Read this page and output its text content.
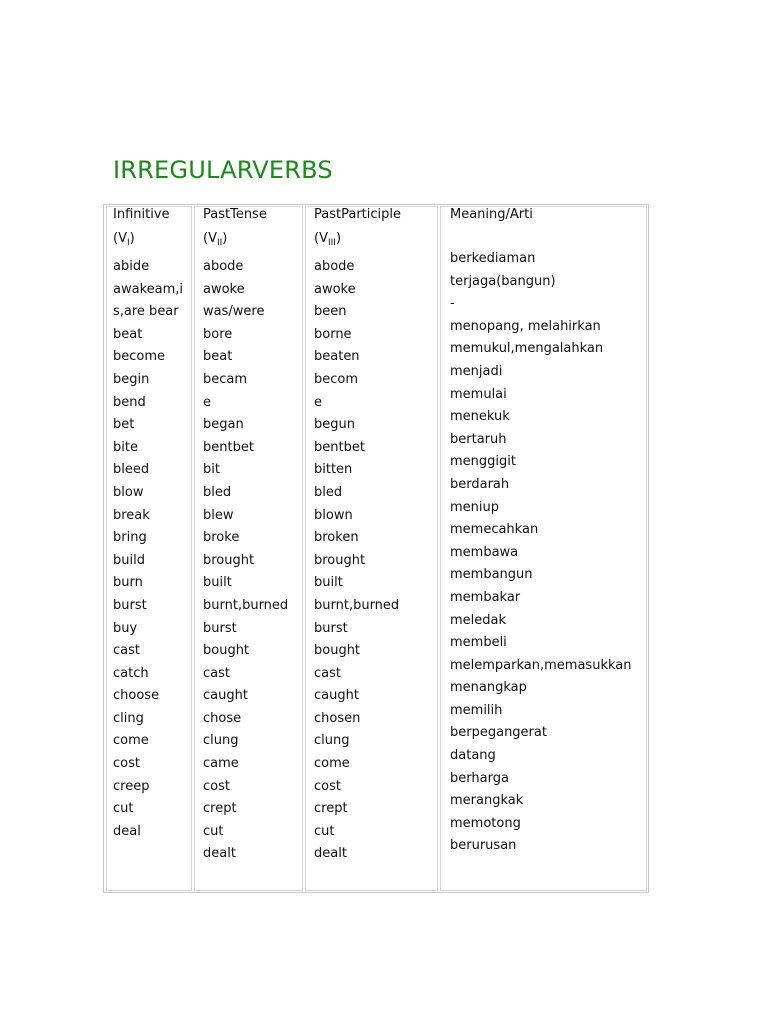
IRREGULARVERBS
Infinitive
$(V_I)$
PastTense
$(V_{II})$
PastParticiple
$(V_{III})$
Meaning/Arti
abide
awakeam,i
s,are bear
beat
become
begin
bend
bet
bite
bleed
blow
break
bring
build
burn
burst
buy
cast
catch
choose
cling
come
cost
creep
cut
deal
abode
awoke
was/were
bore
beat
becam
e
began
bentbet
bit
bled
blew
broke
brought
built
burnt,burned
burst
bought
cast
caught
chose
clung
came
cost
crept
cut
dealt
abode
awoke
been
borne
beaten
becom
e
begun
bentbet
bitten
bled
blown
broken
brought
built
burnt,burned
burst
bought
cast
caught
chosen
clung
come
cost
crept
cut
dealt
berkediaman
terjaga(bangun)
-
menopang, melahirkan
memukul,mengalahkan
menjadi
memulai
menekuk
bertaruh
menggigit
berdarah
meniup
memecahkan
membawa
membangun
membakar
meledak
membeli
melemparkan,memasukkan
menangkap
memilih
berpegangerat
datang
berharga
merangkak
memotong
berurusan
